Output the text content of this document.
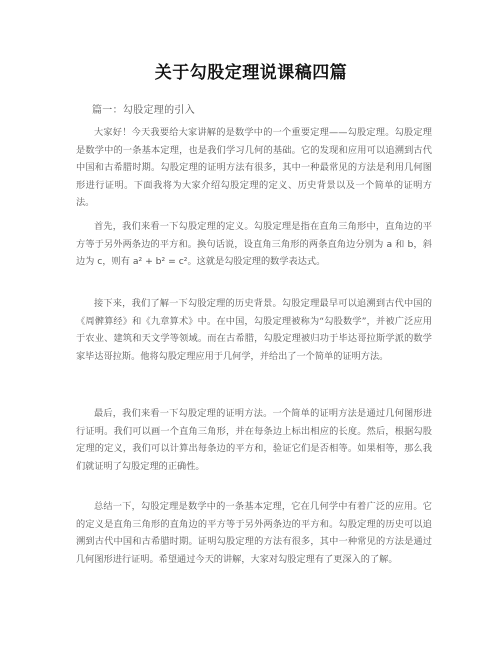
关于勾股定理说课稿四篇
篇一：勾股定理的引入

大家好！今天我要给大家讲解的是数学中的一个重要定理——勾股定理。勾股定理是数学中的一条基本定理，也是我们学习几何的基础。它的发现和应用可以追溯到古代中国和古希腊时期。勾股定理的证明方法有很多，其中一种最常见的方法是利用几何图形进行证明。下面我将为大家介绍勾股定理的定义、历史背景以及一个简单的证明方法。

首先，我们来看一下勾股定理的定义。勾股定理是指在直角三角形中，直角边的平方等于另外两条边的平方和。换句话说，设直角三角形的两条直角边分别为 a 和 b，斜边为 c，则有 a² + b² = c²。这就是勾股定理的数学表达式。

接下来，我们了解一下勾股定理的历史背景。勾股定理最早可以追溯到古代中国的《周髀算经》和《九章算术》中。在中国，勾股定理被称为“勾股数学”，并被广泛应用于农业、建筑和天文学等领域。而在古希腊，勾股定理被归功于毕达哥拉斯学派的数学家毕达哥拉斯。他将勾股定理应用于几何学，并给出了一个简单的证明方法。

最后，我们来看一下勾股定理的证明方法。一个简单的证明方法是通过几何图形进行证明。我们可以画一个直角三角形，并在每条边上标出相应的长度。然后，根据勾股定理的定义，我们可以计算出每条边的平方和，验证它们是否相等。如果相等，那么我们就证明了勾股定理的正确性。

总结一下，勾股定理是数学中的一条基本定理，它在几何学中有着广泛的应用。它的定义是直角三角形的直角边的平方等于另外两条边的平方和。勾股定理的历史可以追溯到古代中国和古希腊时期。证明勾股定理的方法有很多，其中一种常见的方法是通过几何图形进行证明。希望通过今天的讲解，大家对勾股定理有了更深入的了解。
